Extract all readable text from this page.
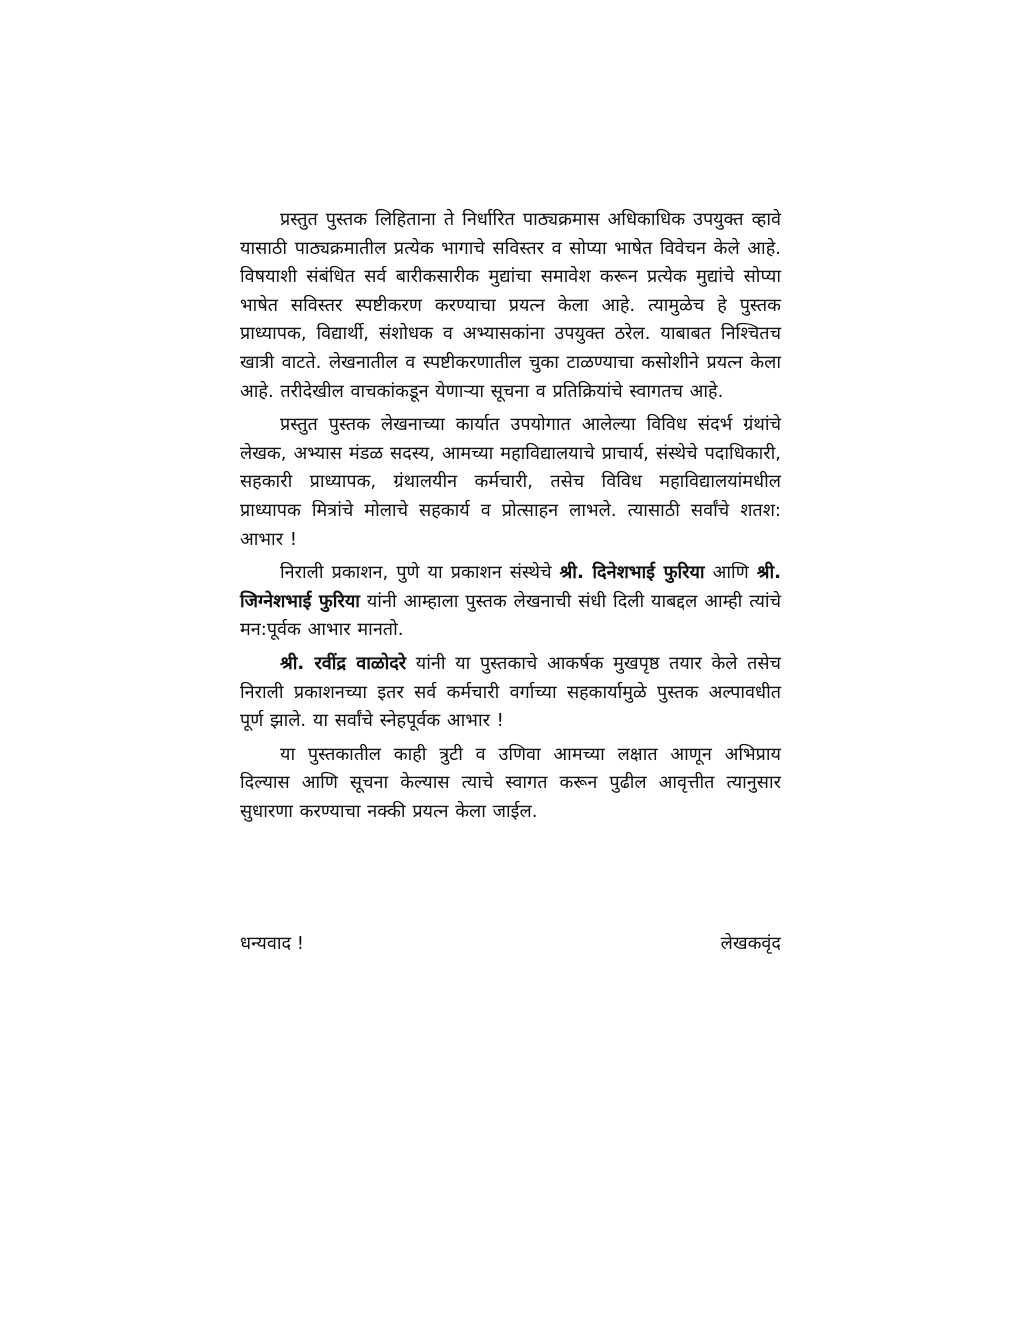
प्रस्तुत पुस्तक लिहिताना ते निर्धारित पाठ्यक्रमास अधिकाधिक उपयुक्त व्हावे यासाठी पाठ्यक्रमातील प्रत्येक भागाचे सविस्तर व सोप्या भाषेत विवेचन केले आहे. विषयाशी संबंधित सर्व बारीकसारीक मुद्यांचा समावेश करून प्रत्येक मुद्यांचे सोप्या भाषेत सविस्तर स्पष्टीकरण करण्याचा प्रयत्न केला आहे. त्यामुळेच हे पुस्तक प्राध्यापक, विद्यार्थी, संशोधक व अभ्यासकांना उपयुक्त ठरेल. याबाबत निश्चितच खात्री वाटते. लेखनातील व स्पष्टीकरणातील चुका टाळण्याचा कसोशीने प्रयत्न केला आहे. तरीदेखील वाचकांकडून येणाऱ्या सूचना व प्रतिक्रियांचे स्वागतच आहे.

प्रस्तुत पुस्तक लेखनाच्या कार्यात उपयोगात आलेल्या विविध संदर्भ ग्रंथांचे लेखक, अभ्यास मंडळ सदस्य, आमच्या महाविद्यालयाचे प्राचार्य, संस्थेचे पदाधिकारी, सहकारी प्राध्यापक, ग्रंथालयीन कर्मचारी, तसेच विविध महाविद्यालयांमधील प्राध्यापक मित्रांचे मोलाचे सहकार्य व प्रोत्साहन लाभले. त्यासाठी सर्वांचे शतश: आभार !

निराली प्रकाशन, पुणे या प्रकाशन संस्थेचे श्री. दिनेशभाई फुरिया आणि श्री. जिग्नेशभाई फुरिया यांनी आम्हाला पुस्तक लेखनाची संधी दिली याबद्दल आम्ही त्यांचे मन:पूर्वक आभार मानतो.

श्री. रवींद्र वाळोदरे यांनी या पुस्तकाचे आकर्षक मुखपृष्ठ तयार केले तसेच निराली प्रकाशनच्या इतर सर्व कर्मचारी वर्गाच्या सहकार्यामुळे पुस्तक अल्पावधीत पूर्ण झाले. या सर्वांचे स्नेहपूर्वक आभार !

या पुस्तकातील काही त्रुटी व उणिवा आमच्या लक्षात आणून अभिप्राय दिल्यास आणि सूचना केल्यास त्याचे स्वागत करून पुढील आवृत्तीत त्यानुसार सुधारणा करण्याचा नक्की प्रयत्न केला जाईल.

धन्यवाद !	लेखकवृंद
